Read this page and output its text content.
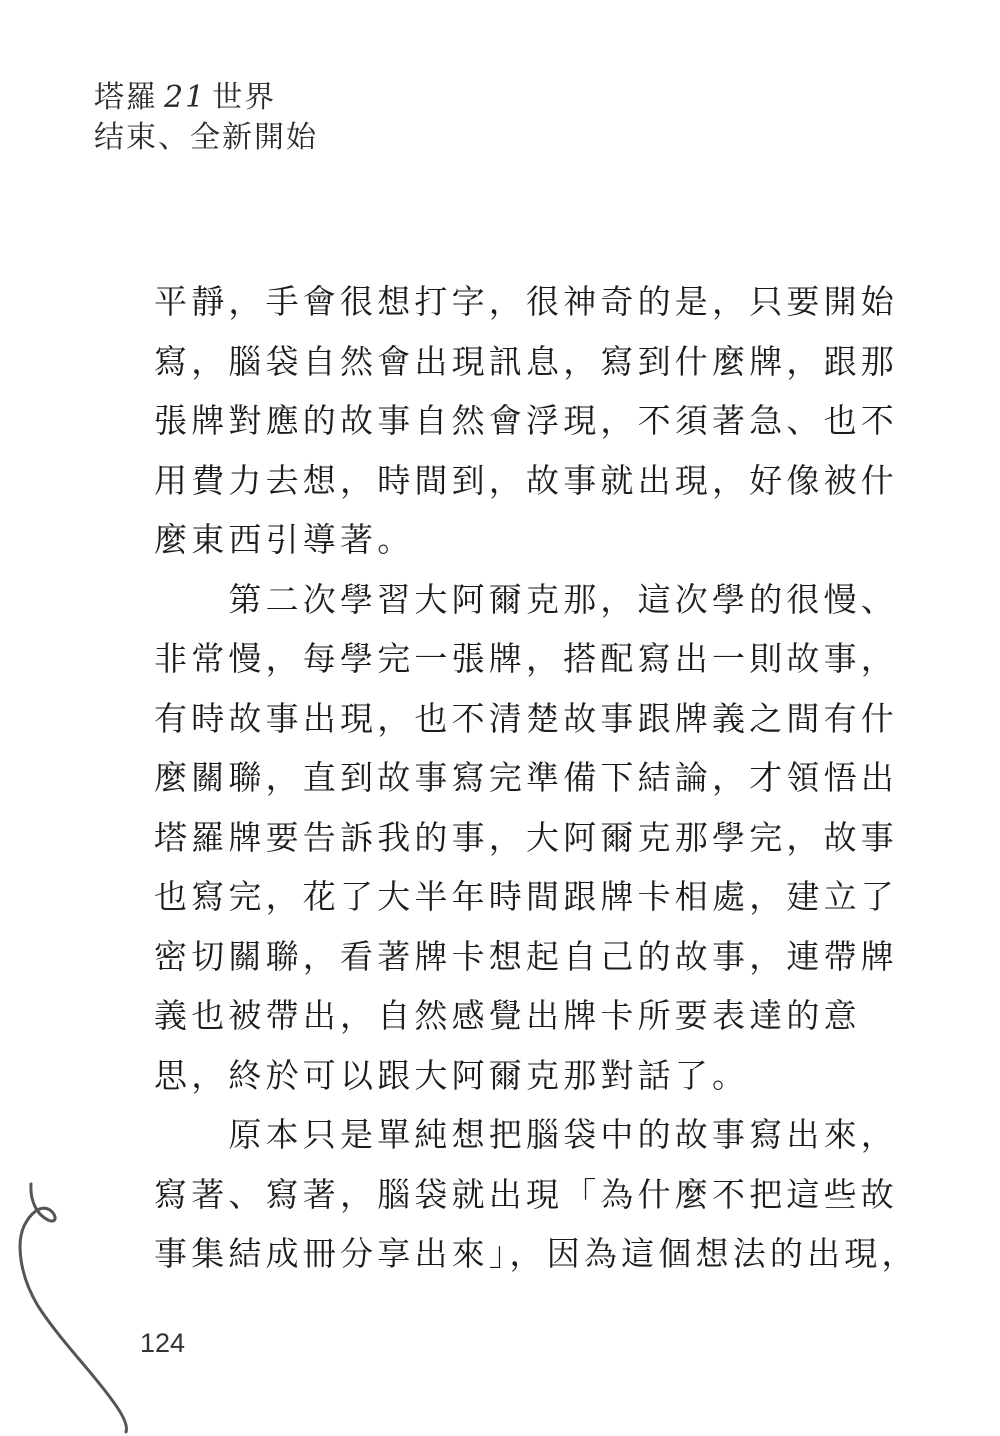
塔羅 21 世界
结束、全新開始
平靜，手會很想打字，很神奇的是，只要開始
寫，腦袋自然會出現訊息，寫到什麼牌，跟那
張牌對應的故事自然會浮現，不須著急、也不
用費力去想，時間到，故事就出現，好像被什
麼東西引導著。
　　第二次學習大阿爾克那，這次學的很慢、
非常慢，每學完一張牌，搭配寫出一則故事，
有時故事出現，也不清楚故事跟牌義之間有什
麼關聯，直到故事寫完準備下結論，才領悟出
塔羅牌要告訴我的事，大阿爾克那學完，故事
也寫完，花了大半年時間跟牌卡相處，建立了
密切關聯，看著牌卡想起自己的故事，連帶牌
義也被帶出，自然感覺出牌卡所要表達的意
思，終於可以跟大阿爾克那對話了。
　　原本只是單純想把腦袋中的故事寫出來，
寫著、寫著，腦袋就出現「為什麼不把這些故
事集結成冊分享出來」，因為這個想法的出現，
124
